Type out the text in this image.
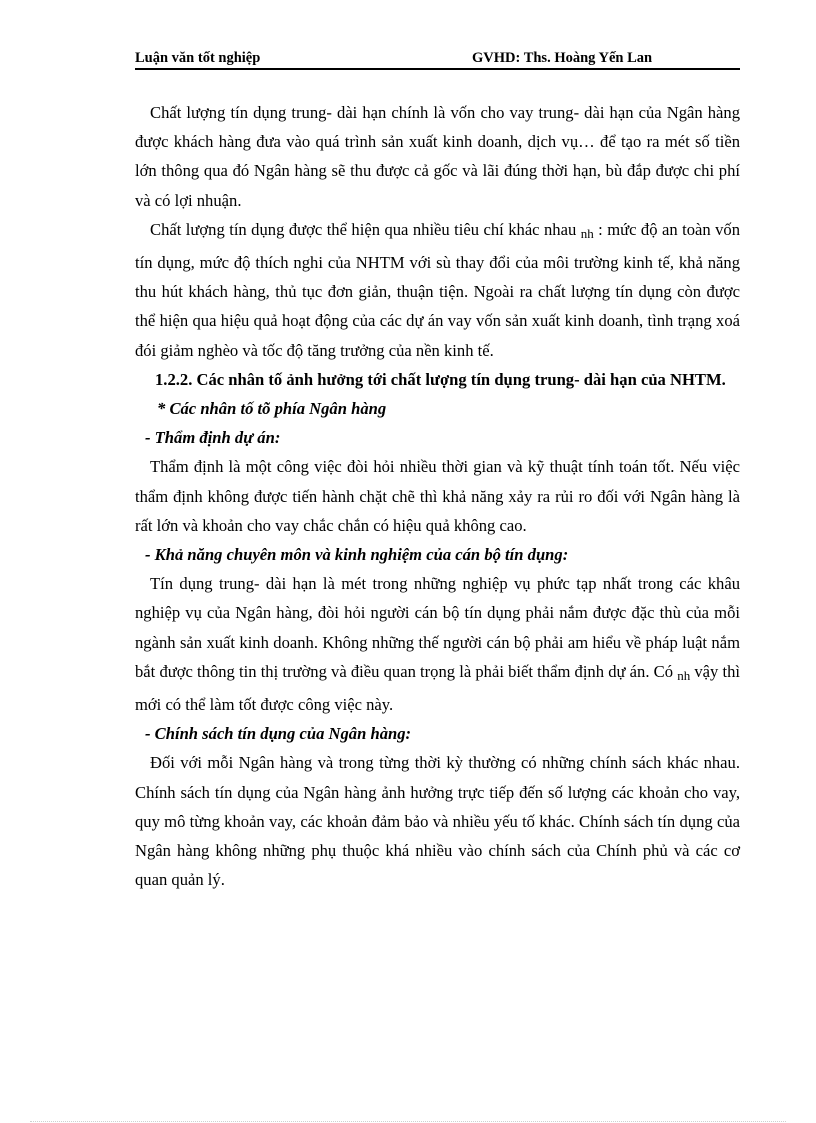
Luận văn tốt nghiệp	GVHD: Ths. Hoàng Yến Lan

Chất lượng tín dụng trung- dài hạn chính là vốn cho vay trung- dài hạn của Ngân hàng được khách hàng đưa vào quá trình sản xuất kinh doanh, dịch vụ… để tạo ra mét số tiền lớn thông qua đó Ngân hàng sẽ thu được cả gốc và lãi đúng thời hạn, bù đắp được chi phí và có lợi nhuận.

Chất lượng tín dụng được thể hiện qua nhiều tiêu chí khác nhau nh : mức độ an toàn vốn tín dụng, mức độ thích nghi của NHTM với sù thay đổi của môi trường kinh tế, khả năng thu hút khách hàng, thủ tục đơn giản, thuận tiện. Ngoài ra chất lượng tín dụng còn được thể hiện qua hiệu quả hoạt động của các dự án vay vốn sản xuất kinh doanh, tình trạng xoá đói giảm nghèo và tốc độ tăng trưởng của nền kinh tế.

1.2.2. Các nhân tố ảnh hưởng tới chất lượng tín dụng trung- dài hạn của NHTM.

* Các nhân tố tõ phía Ngân hàng

- Thẩm định dự án:

Thẩm định là một công việc đòi hỏi nhiều thời gian và kỹ thuật tính toán tốt. Nếu việc thẩm định không được tiến hành chặt chẽ thì khả năng xảy ra rủi ro đối với Ngân hàng là rất lớn và khoản cho vay chắc chắn có hiệu quả không cao.

- Khả năng chuyên môn và kinh nghiệm của cán bộ tín dụng:

Tín dụng trung- dài hạn là mét trong những nghiệp vụ phức tạp nhất trong các khâu nghiệp vụ của Ngân hàng, đòi hỏi người cán bộ tín dụng phải nắm được đặc thù của mỗi ngành sản xuất kinh doanh. Không những thế người cán bộ phải am hiểu về pháp luật nắm bắt được thông tin thị trường và điều quan trọng là phải biết thẩm định dự án. Có nh vậy thì mới có thể làm tốt được công việc này.

- Chính sách tín dụng của Ngân hàng:

Đối với mỗi Ngân hàng và trong từng thời kỳ thường có những chính sách khác nhau. Chính sách tín dụng của Ngân hàng ảnh hưởng trực tiếp đến số lượng các khoản cho vay, quy mô từng khoản vay, các khoản đảm bảo và nhiều yếu tố khác. Chính sách tín dụng của Ngân hàng không những phụ thuộc khá nhiều vào chính sách của Chính phủ và các cơ quan quản lý.
